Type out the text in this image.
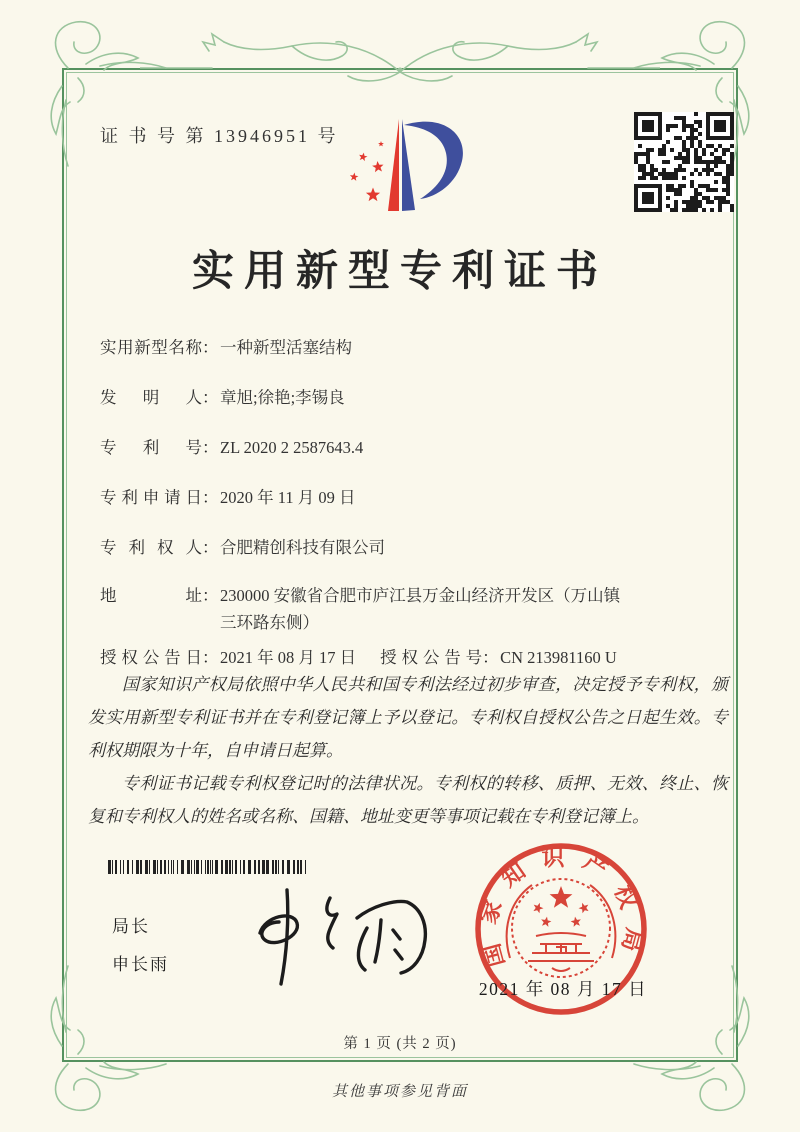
证 书 号 第 13946951 号
实用新型专利证书
实用新型名称 ： 一种新型活塞结构
发明人 ： 章旭;徐艳;李锡良
专利号 ： ZL 2020 2 2587643.4
专利申请日 ： 2020 年 11 月 09 日
专利权人 ： 合肥精创科技有限公司
地址 ： 230000 安徽省合肥市庐江县万金山经济开发区（万山镇三环路东侧）
授权公告日 ： 2021 年 08 月 17 日 授权公告号 ： CN 213981160 U

国家知识产权局依照中华人民共和国专利法经过初步审查，决定授予专利权，颁发实用新型专利证书并在专利登记簿上予以登记。专利权自授权公告之日起生效。专利权期限为十年，自申请日起算。

专利证书记载专利权登记时的法律状况。专利权的转移、质押、无效、终止、恢复和专利权人的姓名或名称、国籍、地址变更等事项记载在专利登记簿上。

局长
申长雨	国家知识产权局
2021 年 08 月 17 日
第 1 页 (共 2 页)
其他事项参见背面
